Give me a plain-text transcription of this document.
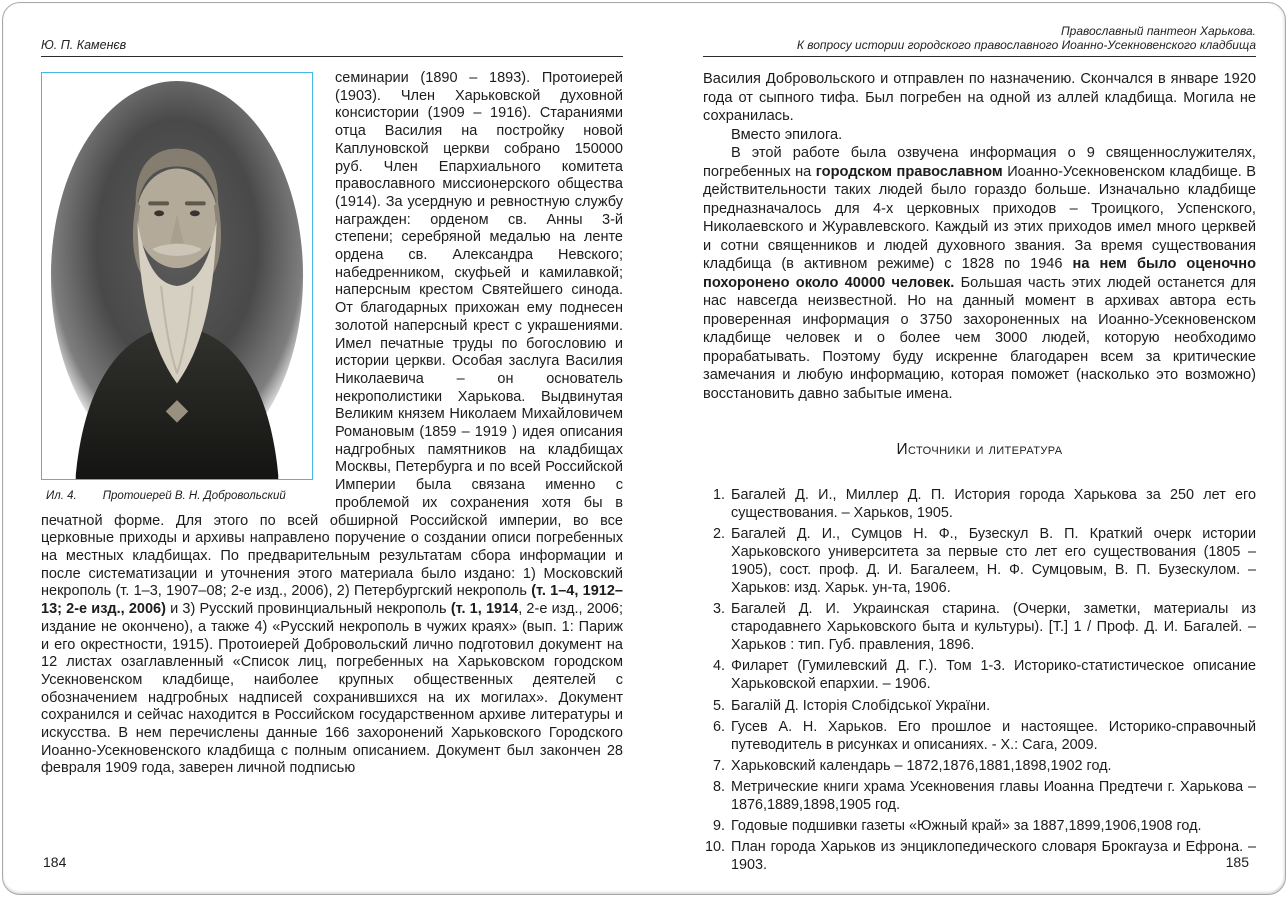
Ю. П. Каменєв
Ил. 4. Протоиерей В. Н. Добровольский

семинарии (1890 – 1893). Протоиерей (1903). Член Харьковской духовной консистории (1909 – 1916). Стараниями отца Василия на постройку новой Каплуновской церкви собрано 150000 руб. Член Епархиального комитета православного миссионерского общества (1914). За усердную и ревностную службу награжден: орденом св. Анны 3-й степени; серебряной медалью на ленте ордена св. Александра Невского; набедренником, скуфьей и камилавкой; наперсным крестом Святейшего синода. От благодарных прихожан ему поднесен золотой наперсный крест с украшениями. Имел печатные труды по богословию и истории церкви. Особая заслуга Василия Николаевича – он основатель некрополистики Харькова. Выдвинутая Великим князем Николаем Михайловичем Романовым (1859 – 1919 ) идея описания надгробных памятников на кладбищах Москвы, Петербурга и по всей Российской Империи была связана именно с проблемой их сохранения хотя бы в печатной форме. Для этого по всей обширной Российской империи, во все церковные приходы и архивы направлено поручение о создании описи погребенных на местных кладбищах. По предварительным результатам сбора информации и после систематизации и уточнения этого материала было издано: 1) Московский некрополь (т. 1–3, 1907–08; 2-е изд., 2006), 2) Петербургский некрополь (т. 1–4, 1912–13; 2-е изд., 2006) и 3) Русский провинциальный некрополь (т. 1, 1914, 2-е изд., 2006; издание не окончено), а также 4) «Русский некрополь в чужих краях» (вып. 1: Париж и его окрестности, 1915). Протоиерей Добровольский лично подготовил документ на 12 листах озаглавленный «Список лиц, погребенных на Харьковском городском Усекновенском кладбище, наиболее крупных общественных деятелей с обозначением надгробных надписей сохранившихся на их могилах». Документ сохранился и сейчас находится в Российском государственном архиве литературы и искусства. В нем перечислены данные 166 захоронений Харьковского Городского Иоанно-Усекновенского кладбища с полным описанием. Документ был закончен 28 февраля 1909 года, заверен личной подписью

Православный пантеон Харькова.
К вопросу истории городского православного Иоанно-Усекновенского кладбища

Василия Добровольского и отправлен по назначению. Скончался в январе 1920 года от сыпного тифа. Был погребен на одной из аллей кладбища. Могила не сохранилась.

Вместо эпилога.

В этой работе была озвучена информация о 9 священнослужителях, погребенных на городском православном Иоанно-Усекновенском кладбище. В действительности таких людей было гораздо больше. Изначально кладбище предназначалось для 4-х церковных приходов – Троицкого, Успенского, Николаевского и Журавлевского. Каждый из этих приходов имел много церквей и сотни священников и людей духовного звания. За время существования кладбища (в активном режиме) с 1828 по 1946 на нем было оценочно похоронено около 40000 человек. Большая часть этих людей останется для нас навсегда неизвестной. Но на данный момент в архивах автора есть проверенная информация о 3750 захороненных на Иоанно-Усекновенском кладбище человек и о более чем 3000 людей, которую необходимо прорабатывать. Поэтому буду искренне благодарен всем за критические замечания и любую информацию, которая поможет (насколько это возможно) восстановить давно забытые имена.

Источники и литература
1. Багалей Д. И., Миллер Д. П. История города Харькова за 250 лет его существования. – Харьков, 1905.
2. Багалей Д. И., Сумцов Н. Ф., Бузескул В. П. Краткий очерк истории Харьковского университета за первые сто лет его существования (1805 – 1905), сост. проф. Д. И. Багалеем, Н. Ф. Сумцовым, В. П. Бузескулом. – Харьков: изд. Харьк. ун-та, 1906.
3. Багалей Д. И. Украинская старина. (Очерки, заметки, материалы из стародавнего Харьковского быта и культуры). [Т.] 1 / Проф. Д. И. Багалей. – Харьков : тип. Губ. правления, 1896.
4. Филарет (Гумилевский Д. Г.). Том 1-3. Историко-статистическое описание Харьковской епархии. – 1906.
5. Багалій Д. Історія Слобідської України.
6. Гусев А. Н. Харьков. Его прошлое и настоящее. Историко-справочный путеводитель в рисунках и описаниях. - Х.: Сага, 2009.
7. Харьковский календарь – 1872,1876,1881,1898,1902 год.
8. Метрические книги храма Усекновения главы Иоанна Предтечи г. Харькова – 1876,1889,1898,1905 год.
9. Годовые подшивки газеты «Южный край» за 1887,1899,1906,1908 год.
10. План города Харьков из энциклопедического словаря Брокгауза и Ефрона. – 1903.
184	185
